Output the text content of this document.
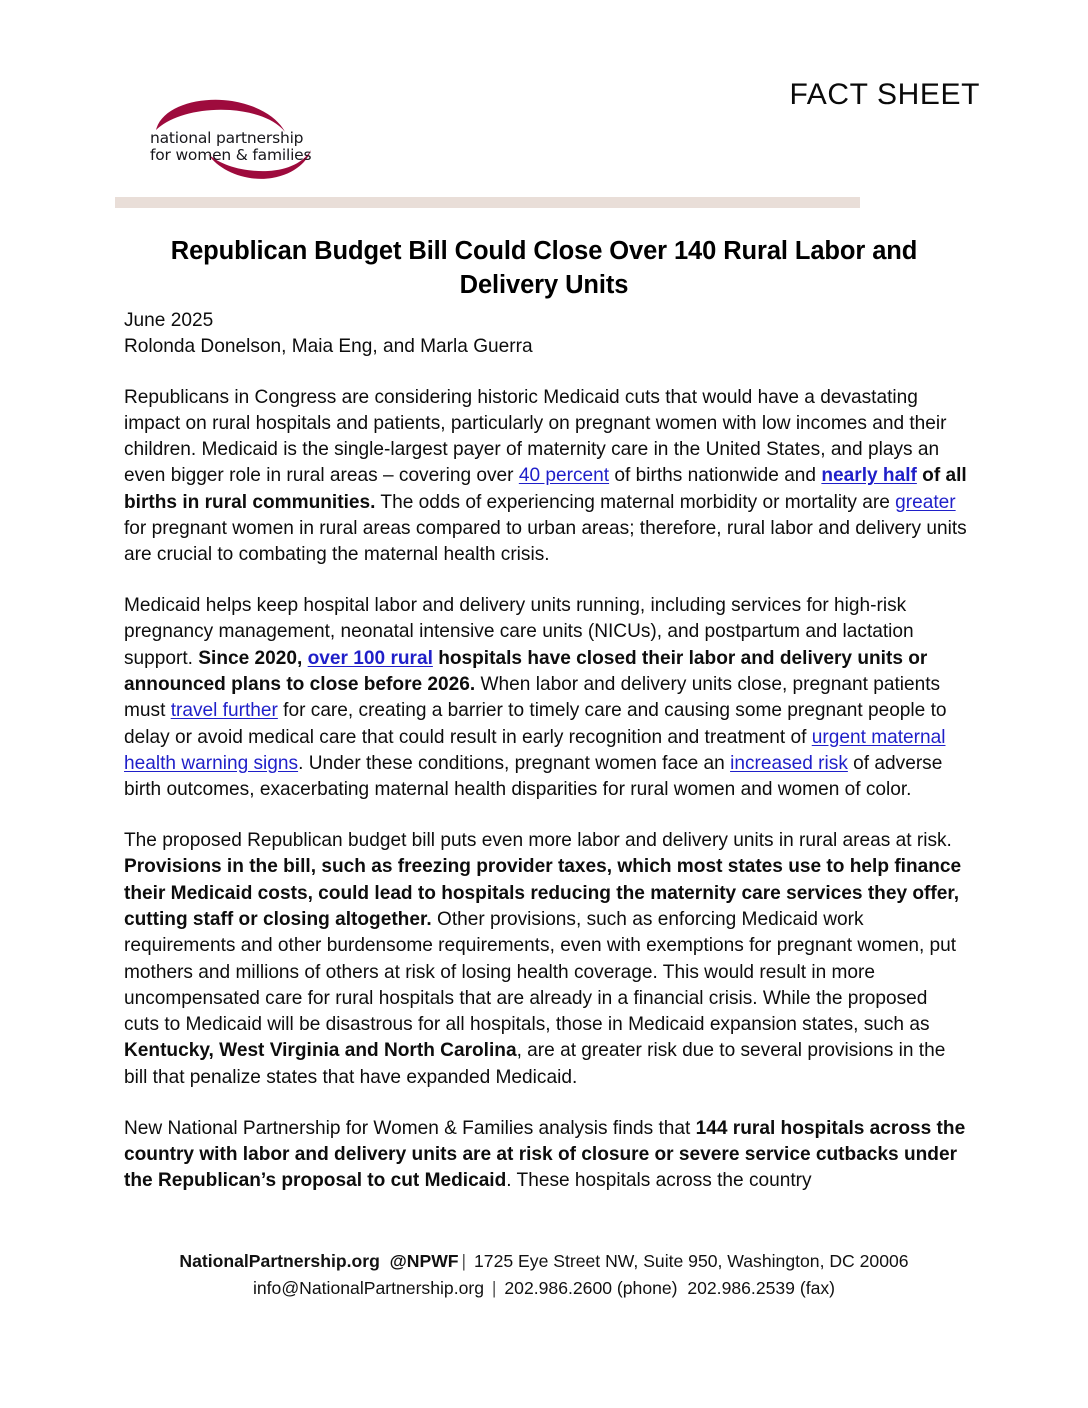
national partnership
for women & families
FACT SHEET
Republican Budget Bill Could Close Over 140 Rural Labor and Delivery Units
June 2025
Rolonda Donelson, Maia Eng, and Marla Guerra

Republicans in Congress are considering historic Medicaid cuts that would have a devastating impact on rural hospitals and patients, particularly on pregnant women with low incomes and their children. Medicaid is the single-largest payer of maternity care in the United States, and plays an even bigger role in rural areas – covering over 40 percent of births nationwide and nearly half of all births in rural communities. The odds of experiencing maternal morbidity or mortality are greater for pregnant women in rural areas compared to urban areas; therefore, rural labor and delivery units are crucial to combating the maternal health crisis.

Medicaid helps keep hospital labor and delivery units running, including services for high-risk pregnancy management, neonatal intensive care units (NICUs), and postpartum and lactation support. Since 2020, over 100 rural hospitals have closed their labor and delivery units or announced plans to close before 2026. When labor and delivery units close, pregnant patients must travel further for care, creating a barrier to timely care and causing some pregnant people to delay or avoid medical care that could result in early recognition and treatment of urgent maternal health warning signs. Under these conditions, pregnant women face an increased risk of adverse birth outcomes, exacerbating maternal health disparities for rural women and women of color.

The proposed Republican budget bill puts even more labor and delivery units in rural areas at risk. Provisions in the bill, such as freezing provider taxes, which most states use to help finance their Medicaid costs, could lead to hospitals reducing the maternity care services they offer, cutting staff or closing altogether. Other provisions, such as enforcing Medicaid work requirements and other burdensome requirements, even with exemptions for pregnant women, put mothers and millions of others at risk of losing health coverage. This would result in more uncompensated care for rural hospitals that are already in a financial crisis. While the proposed cuts to Medicaid will be disastrous for all hospitals, those in Medicaid expansion states, such as Kentucky, West Virginia and North Carolina, are at greater risk due to several provisions in the bill that penalize states that have expanded Medicaid.

New National Partnership for Women & Families analysis finds that 144 rural hospitals across the country with labor and delivery units are at risk of closure or severe service cutbacks under the Republican’s proposal to cut Medicaid. These hospitals across the country

NationalPartnership.org @NPWF | 1725 Eye Street NW, Suite 950, Washington, DC 20006
info@NationalPartnership.org | 202.986.2600 (phone) 202.986.2539 (fax)
